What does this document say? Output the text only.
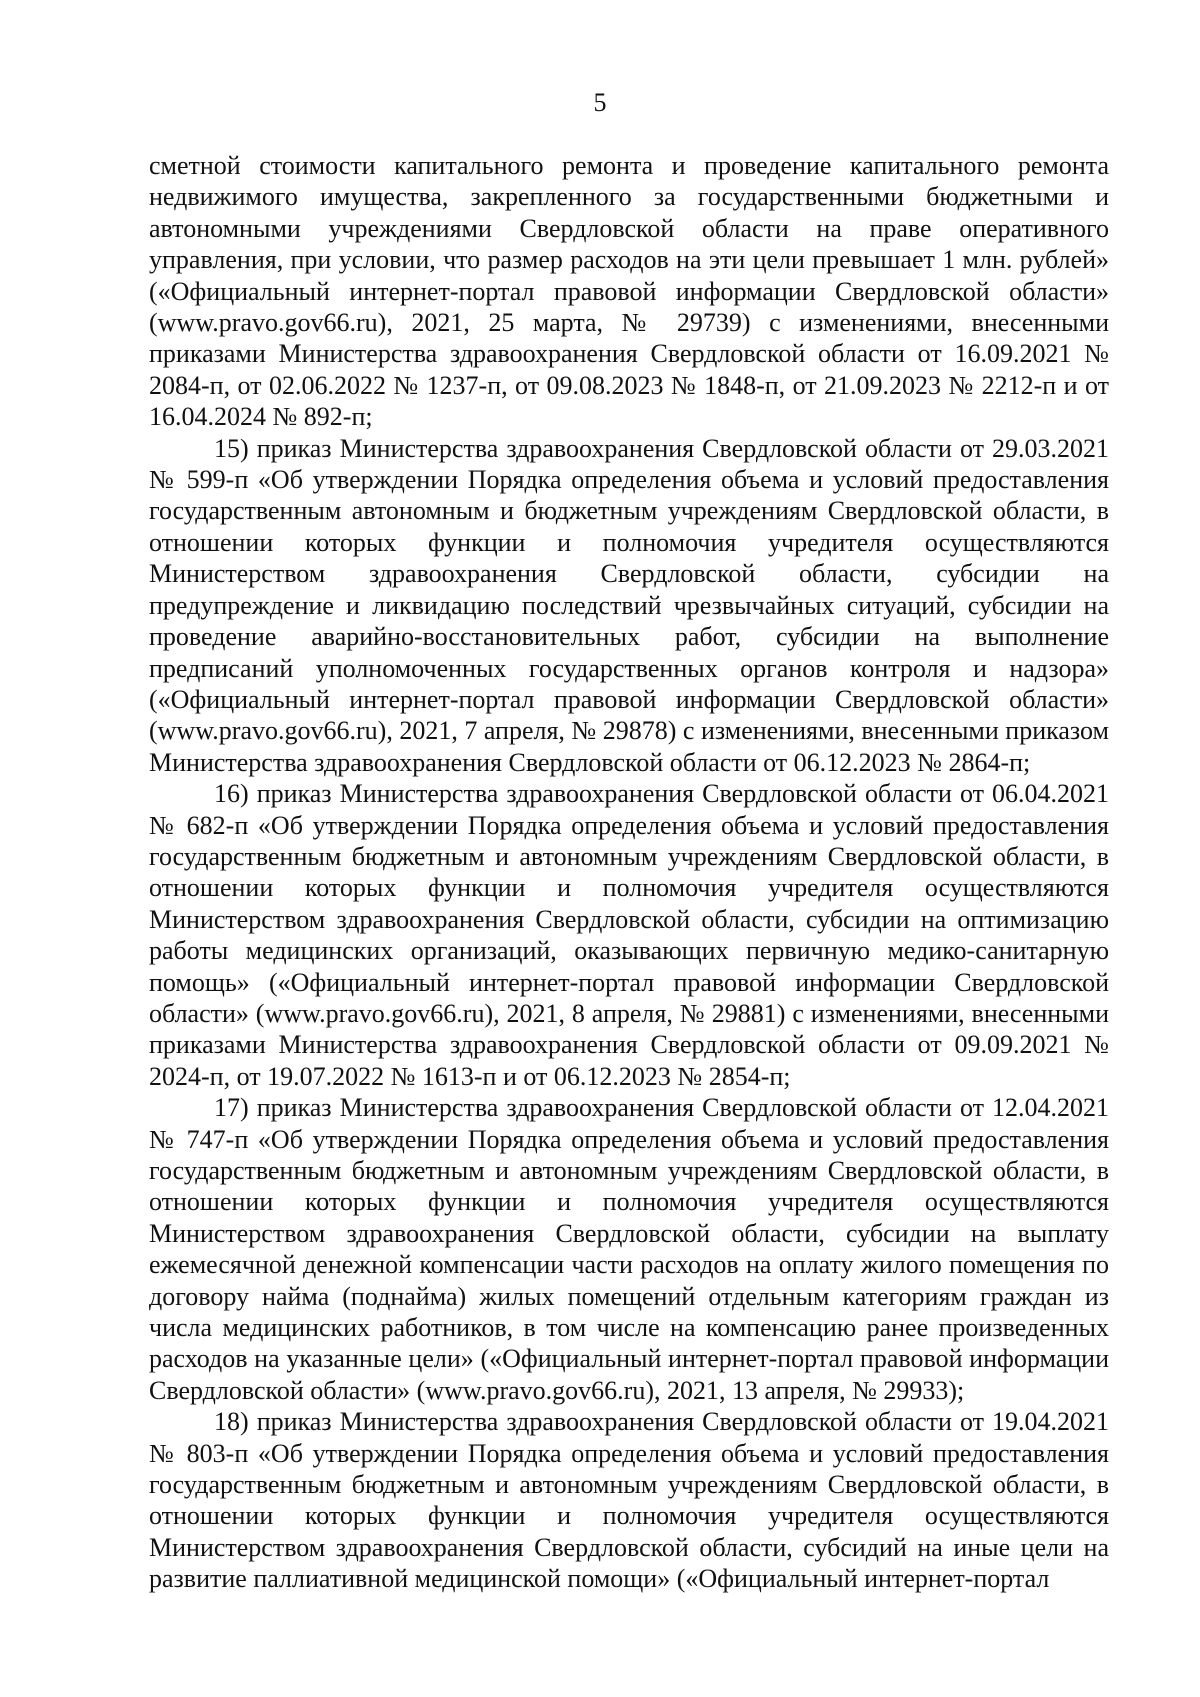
5

сметной стоимости капитального ремонта и проведение капитального ремонта недвижимого имущества, закрепленного за государственными бюджетными и автономными учреждениями Свердловской области на праве оперативного управления, при условии, что размер расходов на эти цели превышает 1 млн. рублей» («Официальный интернет-портал правовой информации Свердловской области» (www.pravo.gov66.ru), 2021, 25 марта, № 29739) с изменениями, внесенными приказами Министерства здравоохранения Свердловской области от 16.09.2021 № 2084-п, от 02.06.2022 № 1237-п, от 09.08.2023 № 1848-п, от 21.09.2023 № 2212-п и от 16.04.2024 № 892-п;

15) приказ Министерства здравоохранения Свердловской области от 29.03.2021 № 599-п «Об утверждении Порядка определения объема и условий предоставления государственным автономным и бюджетным учреждениям Свердловской области, в отношении которых функции и полномочия учредителя осуществляются Министерством здравоохранения Свердловской области, субсидии на предупреждение и ликвидацию последствий чрезвычайных ситуаций, субсидии на проведение аварийно-восстановительных работ, субсидии на выполнение предписаний уполномоченных государственных органов контроля и надзора» («Официальный интернет-портал правовой информации Свердловской области» (www.pravo.gov66.ru), 2021, 7 апреля, № 29878) с изменениями, внесенными приказом Министерства здравоохранения Свердловской области от 06.12.2023 № 2864-п;

16) приказ Министерства здравоохранения Свердловской области от 06.04.2021 № 682-п «Об утверждении Порядка определения объема и условий предоставления государственным бюджетным и автономным учреждениям Свердловской области, в отношении которых функции и полномочия учредителя осуществляются Министерством здравоохранения Свердловской области, субсидии на оптимизацию работы медицинских организаций, оказывающих первичную медико-санитарную помощь» («Официальный интернет-портал правовой информации Свердловской области» (www.pravo.gov66.ru), 2021, 8 апреля, № 29881) с изменениями, внесенными приказами Министерства здравоохранения Свердловской области от 09.09.2021 № 2024-п, от 19.07.2022 № 1613-п и от 06.12.2023 № 2854-п;

17) приказ Министерства здравоохранения Свердловской области от 12.04.2021 № 747-п «Об утверждении Порядка определения объема и условий предоставления государственным бюджетным и автономным учреждениям Свердловской области, в отношении которых функции и полномочия учредителя осуществляются Министерством здравоохранения Свердловской области, субсидии на выплату ежемесячной денежной компенсации части расходов на оплату жилого помещения по договору найма (поднайма) жилых помещений отдельным категориям граждан из числа медицинских работников, в том числе на компенсацию ранее произведенных расходов на указанные цели» («Официальный интернет-портал правовой информации Свердловской области» (www.pravo.gov66.ru), 2021, 13 апреля, № 29933);

18) приказ Министерства здравоохранения Свердловской области от 19.04.2021 № 803-п «Об утверждении Порядка определения объема и условий предоставления государственным бюджетным и автономным учреждениям Свердловской области, в отношении которых функции и полномочия учредителя осуществляются Министерством здравоохранения Свердловской области, субсидий на иные цели на развитие паллиативной медицинской помощи» («Официальный интернет-портал
